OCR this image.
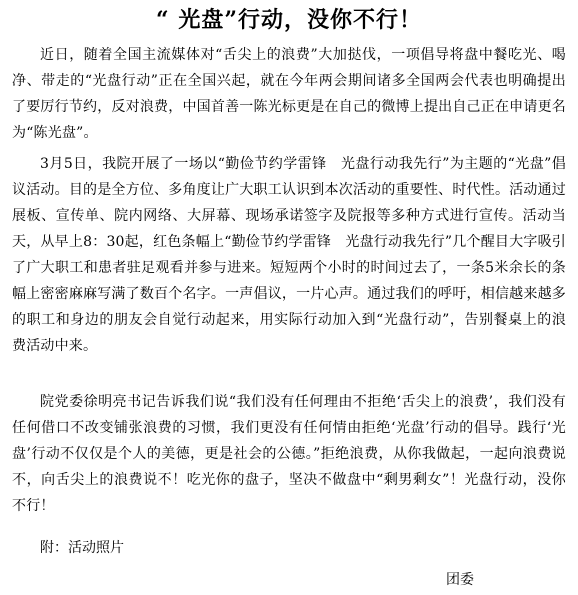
“ 光盘”行动，没你不行！
近日，随着全国主流媒体对“舌尖上的浪费”大加挞伐，一项倡导将盘中餐吃光、喝净、带走的“光盘行动”正在全国兴起，就在今年两会期间诸多全国两会代表也明确提出了要厉行节约，反对浪费，中国首善一陈光标更是在自己的微博上提出自己正在申请更名为“陈光盘”。
3月5日，我院开展了一场以“勤俭节约学雷锋　光盘行动我先行”为主题的“光盘”倡议活动。目的是全方位、多角度让广大职工认识到本次活动的重要性、时代性。活动通过展板、宣传单、院内网络、大屏幕、现场承诺签字及院报等多种方式进行宣传。活动当天，从早上8：30起，红色条幅上“勤俭节约学雷锋　光盘行动我先行”几个醒目大字吸引了广大职工和患者驻足观看并参与进来。短短两个小时的时间过去了，一条5米余长的条幅上密密麻麻写满了数百个名字。一声倡议，一片心声。通过我们的呼吁，相信越来越多的职工和身边的朋友会自觉行动起来，用实际行动加入到“光盘行动”，告别餐桌上的浪费活动中来。
院党委徐明亮书记告诉我们说“我们没有任何理由不拒绝‘舌尖上的浪费’，我们没有任何借口不改变铺张浪费的习惯，我们更没有任何情由拒绝‘光盘’行动的倡导。践行‘光盘’行动不仅仅是个人的美德，更是社会的公德。”拒绝浪费，从你我做起，一起向浪费说不，向舌尖上的浪费说不！吃光你的盘子，坚决不做盘中“剩男剩女”！光盘行动，没你不行！
附：活动照片
团委
